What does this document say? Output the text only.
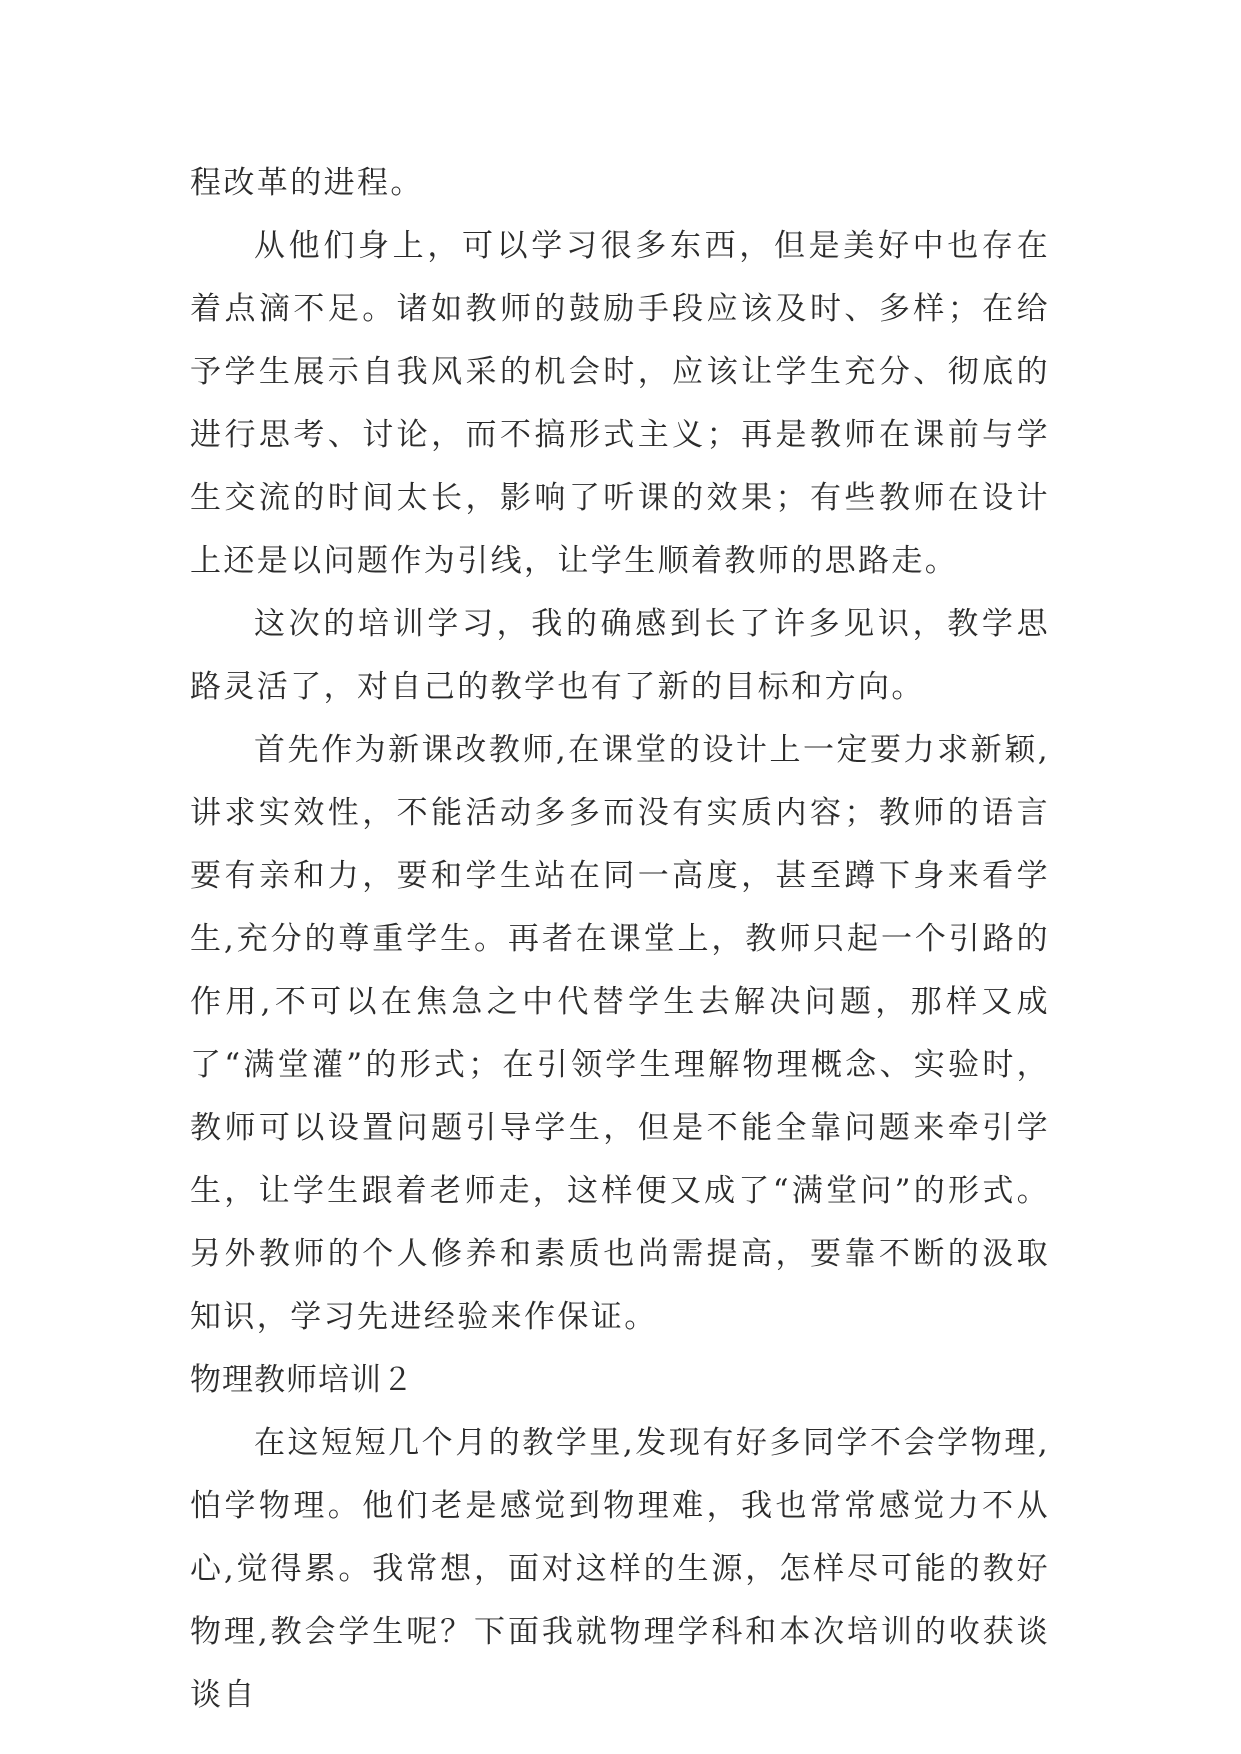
程改革的进程。

从他们身上，可以学习很多东西，但是美好中也存在着点滴不足。诸如教师的鼓励手段应该及时、多样；在给予学生展示自我风采的机会时，应该让学生充分、彻底的进行思考、讨论，而不搞形式主义；再是教师在课前与学生交流的时间太长，影响了听课的效果；有些教师在设计上还是以问题作为引线，让学生顺着教师的思路走。

这次的培训学习，我的确感到长了许多见识，教学思路灵活了，对自己的教学也有了新的目标和方向。

首先作为新课改教师,在课堂的设计上一定要力求新颖,讲求实效性，不能活动多多而没有实质内容；教师的语言要有亲和力，要和学生站在同一高度，甚至蹲下身来看学生,充分的尊重学生。再者在课堂上，教师只起一个引路的作用,不可以在焦急之中代替学生去解决问题，那样又成了“满堂灌”的形式；在引领学生理解物理概念、实验时，教师可以设置问题引导学生，但是不能全靠问题来牵引学生，让学生跟着老师走，这样便又成了“满堂问”的形式。另外教师的个人修养和素质也尚需提高，要靠不断的汲取知识，学习先进经验来作保证。

物理教师培训２

在这短短几个月的教学里,发现有好多同学不会学物理,怕学物理。他们老是感觉到物理难，我也常常感觉力不从心,觉得累。我常想，面对这样的生源，怎样尽可能的教好物理,教会学生呢？下面我就物理学科和本次培训的收获谈谈自
